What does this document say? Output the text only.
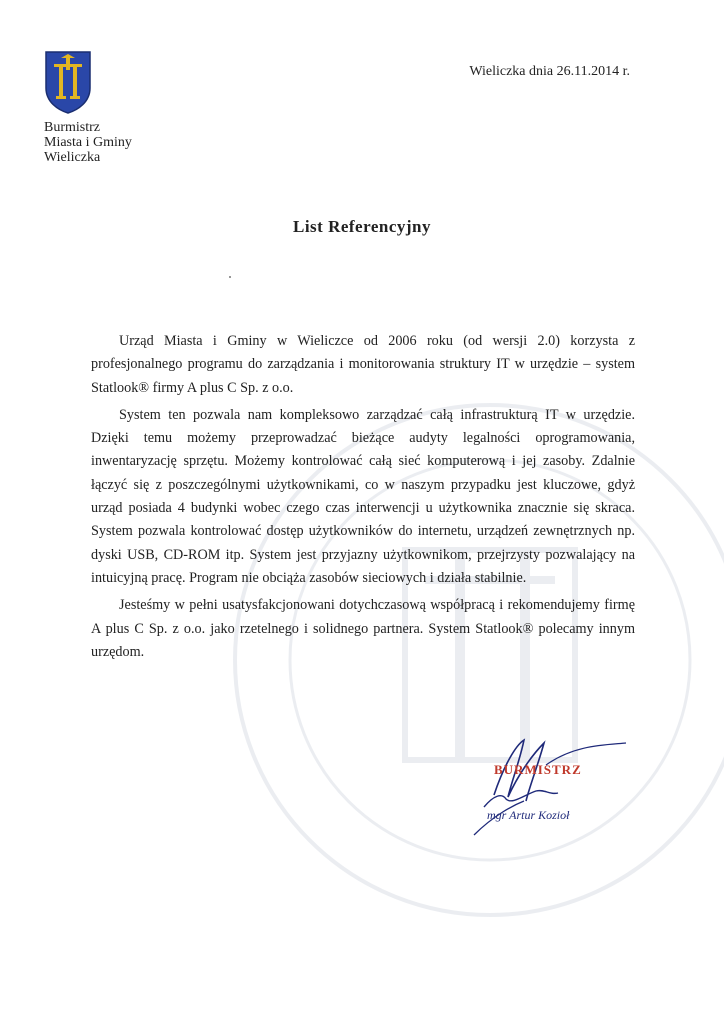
Burmistrz
Miasta i Gminy
Wieliczka
Wieliczka dnia 26.11.2014 r.
List Referencyjny

Urząd Miasta i Gminy w Wieliczce od 2006 roku (od wersji 2.0) korzysta z profesjonalnego programu do zarządzania i monitorowania struktury IT w urzędzie – system Statlook® firmy A plus C Sp. z o.o.

System ten pozwala nam kompleksowo zarządzać całą infrastrukturą IT w urzędzie. Dzięki temu możemy przeprowadzać bieżące audyty legalności oprogramowania, inwentaryzację sprzętu. Możemy kontrolować całą sieć komputerową i jej zasoby. Zdalnie łączyć się z poszczególnymi użytkownikami, co w naszym przypadku jest kluczowe, gdyż urząd posiada 4 budynki wobec czego czas interwencji u użytkownika znacznie się skraca. System pozwala kontrolować dostęp użytkowników do internetu, urządzeń zewnętrznych np. dyski USB, CD-ROM itp. System jest przyjazny użytkownikom, przejrzysty pozwalający na intuicyjną pracę. Program nie obciąża zasobów sieciowych i działa stabilnie.

Jesteśmy w pełni usatysfakcjonowani dotychczasową współpracą i rekomendujemy firmę A plus C Sp. z o.o. jako rzetelnego i solidnego partnera. System Statlook® polecamy innym urzędom.

BURMISTRZ
mgr Artur Kozioł
